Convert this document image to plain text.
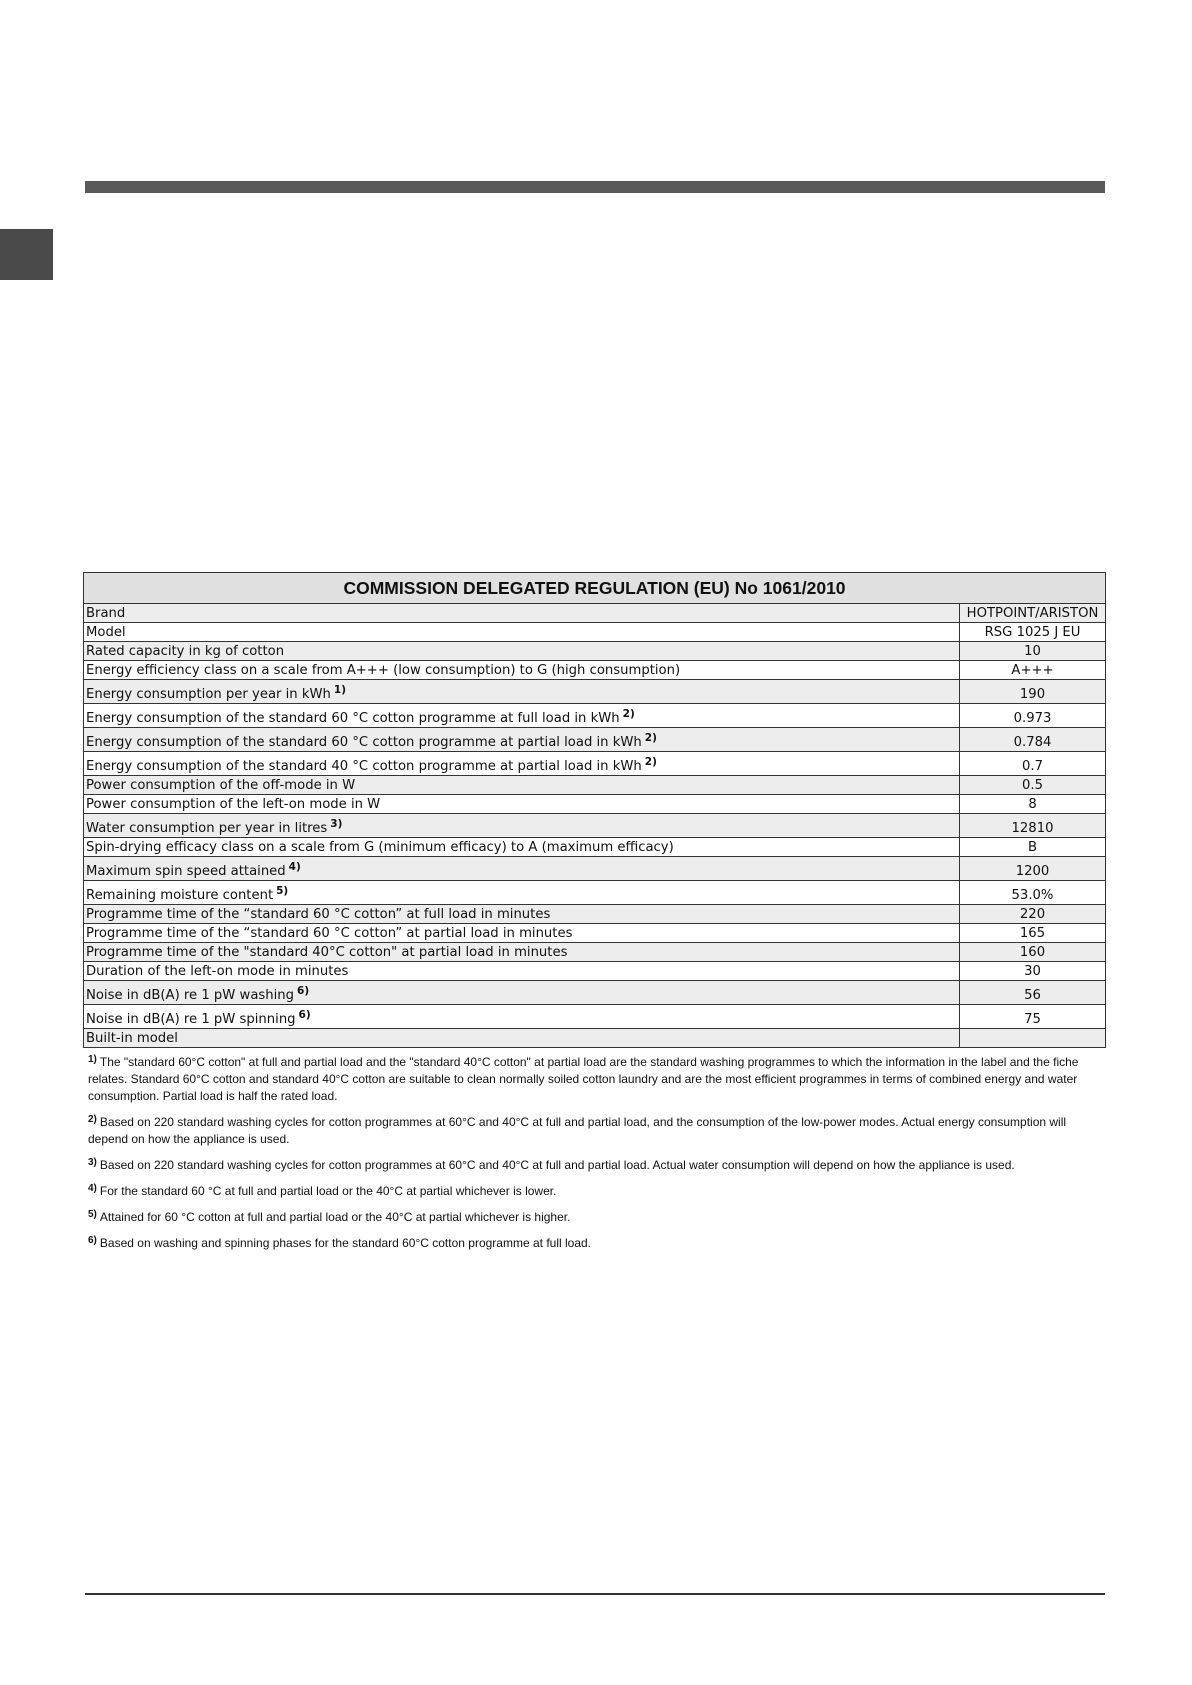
COMMISSION DELEGATED REGULATION (EU) No 1061/2010	
Brand	HOTPOINT/ARISTON
Model	RSG 1025 J EU
Rated capacity in kg of cotton	10
Energy efficiency class on a scale from A+++ (low consumption) to G (high consumption)	A+++
Energy consumption per year in kWh $^{1)}$	190
Energy consumption of the standard 60 °C cotton programme at full load in kWh $^{2)}$	0.973
Energy consumption of the standard 60 °C cotton programme at partial load in kWh $^{2)}$	0.784
Energy consumption of the standard 40 °C cotton programme at partial load in kWh $^{2)}$	0.7
Power consumption of the off-mode in W	0.5
Power consumption of the left-on mode in W	8
Water consumption per year in litres $^{3)}$	12810
Spin-drying efficacy class on a scale from G (minimum efficacy) to A (maximum efficacy)	B
Maximum spin speed attained $^{4)}$	1200
Remaining moisture content $^{5)}$	53.0%
Programme time of the “standard 60 °C cotton” at full load in minutes	220
Programme time of the “standard 60 °C cotton” at partial load in minutes	165
Programme time of the "standard 40°C cotton" at partial load in minutes	160
Duration of the left-on mode in minutes	30
Noise in dB(A) re 1 pW washing $^{6)}$	56
Noise in dB(A) re 1 pW spinning $^{6)}$	75
Built-in model	

$^{1)}$ The "standard 60°C cotton" at full and partial load and the "standard 40°C cotton" at partial load are the standard washing programmes to which the information in the label and the fiche relates. Standard 60°C cotton and standard 40°C cotton are suitable to clean normally soiled cotton laundry and are the most efficient programmes in terms of combined energy and water consumption. Partial load is half the rated load.

$^{2)}$ Based on 220 standard washing cycles for cotton programmes at 60°C and 40°C at full and partial load, and the consumption of the low-power modes. Actual energy consumption will depend on how the appliance is used.

$^{3)}$ Based on 220 standard washing cycles for cotton programmes at 60°C and 40°C at full and partial load. Actual water consumption will depend on how the appliance is used.

$^{4)}$ For the standard 60 °C at full and partial load or the 40°C at partial whichever is lower.

$^{5)}$ Attained for 60 °C cotton at full and partial load or the 40°C at partial whichever is higher.

$^{6)}$ Based on washing and spinning phases for the standard 60°C cotton programme at full load.
